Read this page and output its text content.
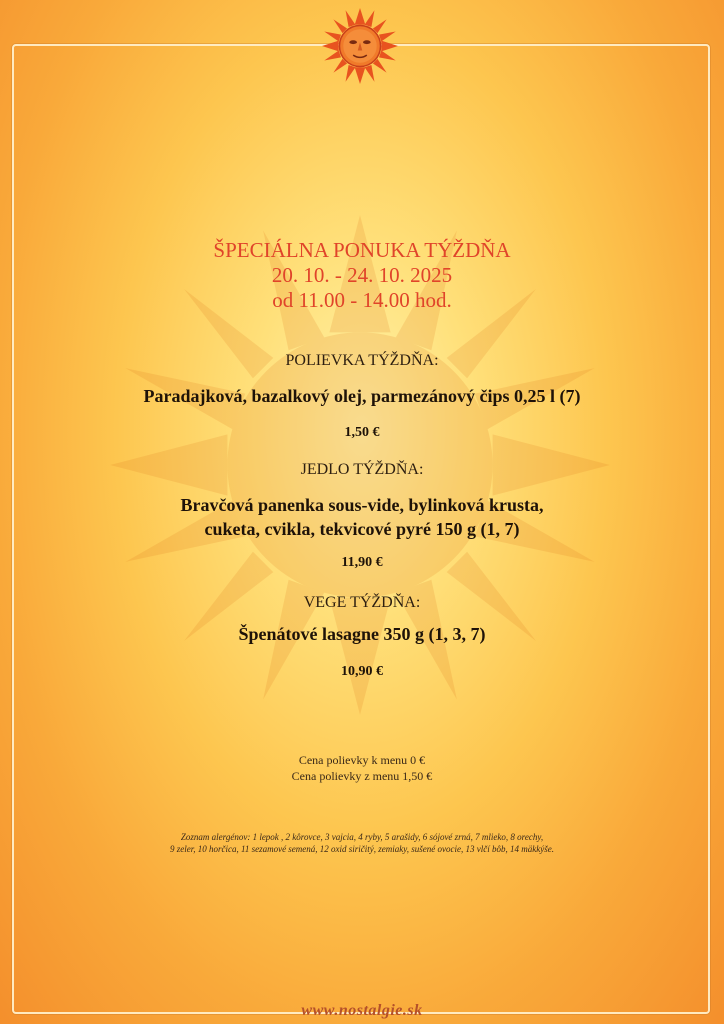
ŠPECIÁLNA PONUKA TÝŽDŇA
20. 10. - 24. 10. 2025
od 11.00 - 14.00 hod.
POLIEVKA TÝŽDŇA:
Paradajková, bazalkový olej, parmezánový čips 0,25 l (7)
1,50 €
JEDLO TÝŽDŇA:
Bravčová panenka sous-vide, bylinková krusta,
cuketa, cvikla, tekvicové pyré 150 g (1, 7)
11,90 €
VEGE TÝŽDŇA:
Špenátové lasagne 350 g (1, 3, 7)
10,90 €
Cena polievky k menu 0 €
Cena polievky z menu 1,50 €
Zoznam alergénov: 1 lepok , 2 kôrovce, 3 vajcia, 4 ryby, 5 arašidy, 6 sójové zrná, 7 mlieko, 8 orechy,
9 zeler, 10 horčica, 11 sezamové semená, 12 oxid siričitý, zemiaky, sušené ovocie, 13 vlčí bôb, 14 mäkkýše.
www.nostalgie.sk
